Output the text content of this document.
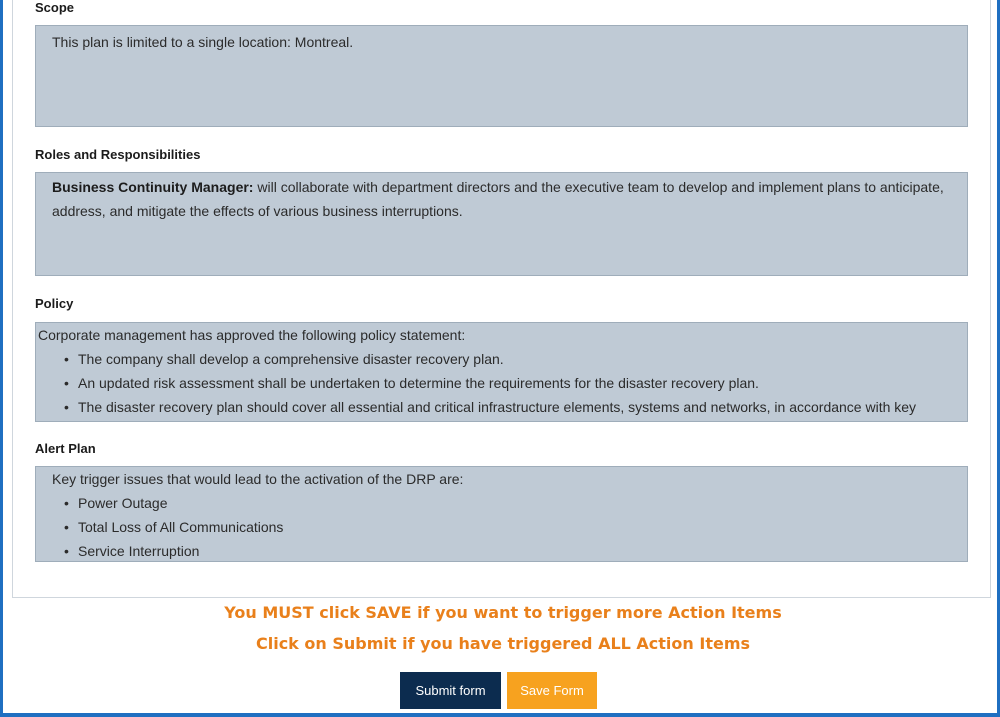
Scope

This plan is limited to a single location: Montreal.

Roles and Responsibilities

Business Continuity Manager: will collaborate with department directors and the executive team to develop and implement plans to anticipate, address, and mitigate the effects of various business interruptions.

Policy

Corporate management has approved the following policy statement:

• The company shall develop a comprehensive disaster recovery plan.
• An updated risk assessment shall be undertaken to determine the requirements for the disaster recovery plan.
• The disaster recovery plan should cover all essential and critical infrastructure elements, systems and networks, in accordance with key
Alert Plan

Key trigger issues that would lead to the activation of the DRP are:

• Power Outage
• Total Loss of All Communications
• Service Interruption
You MUST click SAVE if you want to trigger more Action Items
Click on Submit if you have triggered ALL Action Items
Submit form	Save Form
